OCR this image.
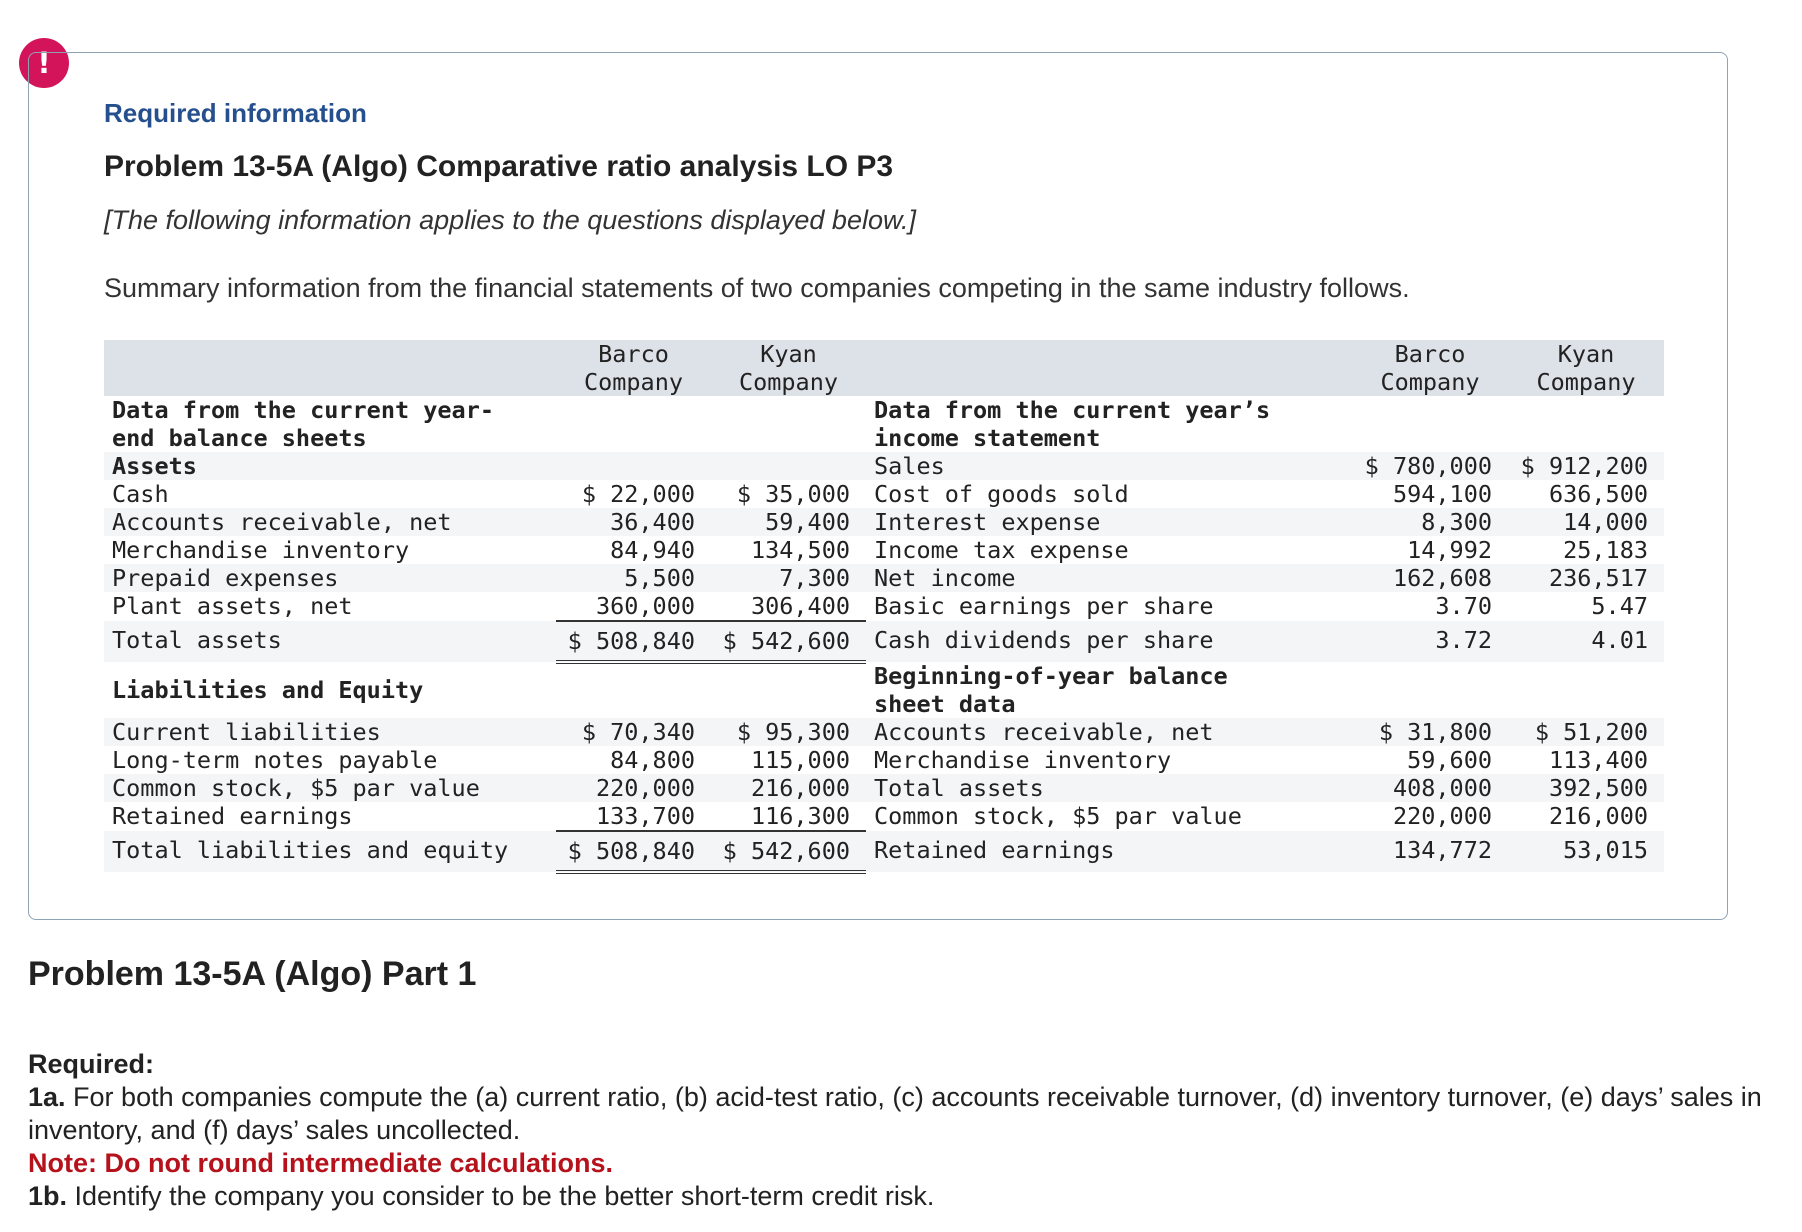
!

Required information

Problem 13-5A (Algo) Comparative ratio analysis LO P3

[The following information applies to the questions displayed below.]

Summary information from the financial statements of two companies competing in the same industry follows.

	Barco Company	Kyan Company		Barco Company	Kyan Company
Data from the current year-end balance sheets			Data from the current year’s income statement		
Assets			Sales	$ 780,000	$ 912,200
Cash	$ 22,000	$ 35,000	Cost of goods sold	594,100	636,500
Accounts receivable, net	36,400	59,400	Interest expense	8,300	14,000
Merchandise inventory	84,940	134,500	Income tax expense	14,992	25,183
Prepaid expenses	5,500	7,300	Net income	162,608	236,517
Plant assets, net	360,000	306,400	Basic earnings per share	3.70	5.47
Total assets	$ 508,840	$ 542,600	Cash dividends per share	3.72	4.01
Liabilities and Equity			Beginning-of-year balance sheet data		
Current liabilities	$ 70,340	$ 95,300	Accounts receivable, net	$ 31,800	$ 51,200
Long-term notes payable	84,800	115,000	Merchandise inventory	59,600	113,400
Common stock, $5 par value	220,000	216,000	Total assets	408,000	392,500
Retained earnings	133,700	116,300	Common stock, $5 par value	220,000	216,000
Total liabilities and equity	$ 508,840	$ 542,600	Retained earnings	134,772	53,015

Problem 13-5A (Algo) Part 1

Required:

1a. For both companies compute the (a) current ratio, (b) acid-test ratio, (c) accounts receivable turnover, (d) inventory turnover, (e) days’ sales in inventory, and (f) days’ sales uncollected.

Note: Do not round intermediate calculations.

1b. Identify the company you consider to be the better short-term credit risk.
